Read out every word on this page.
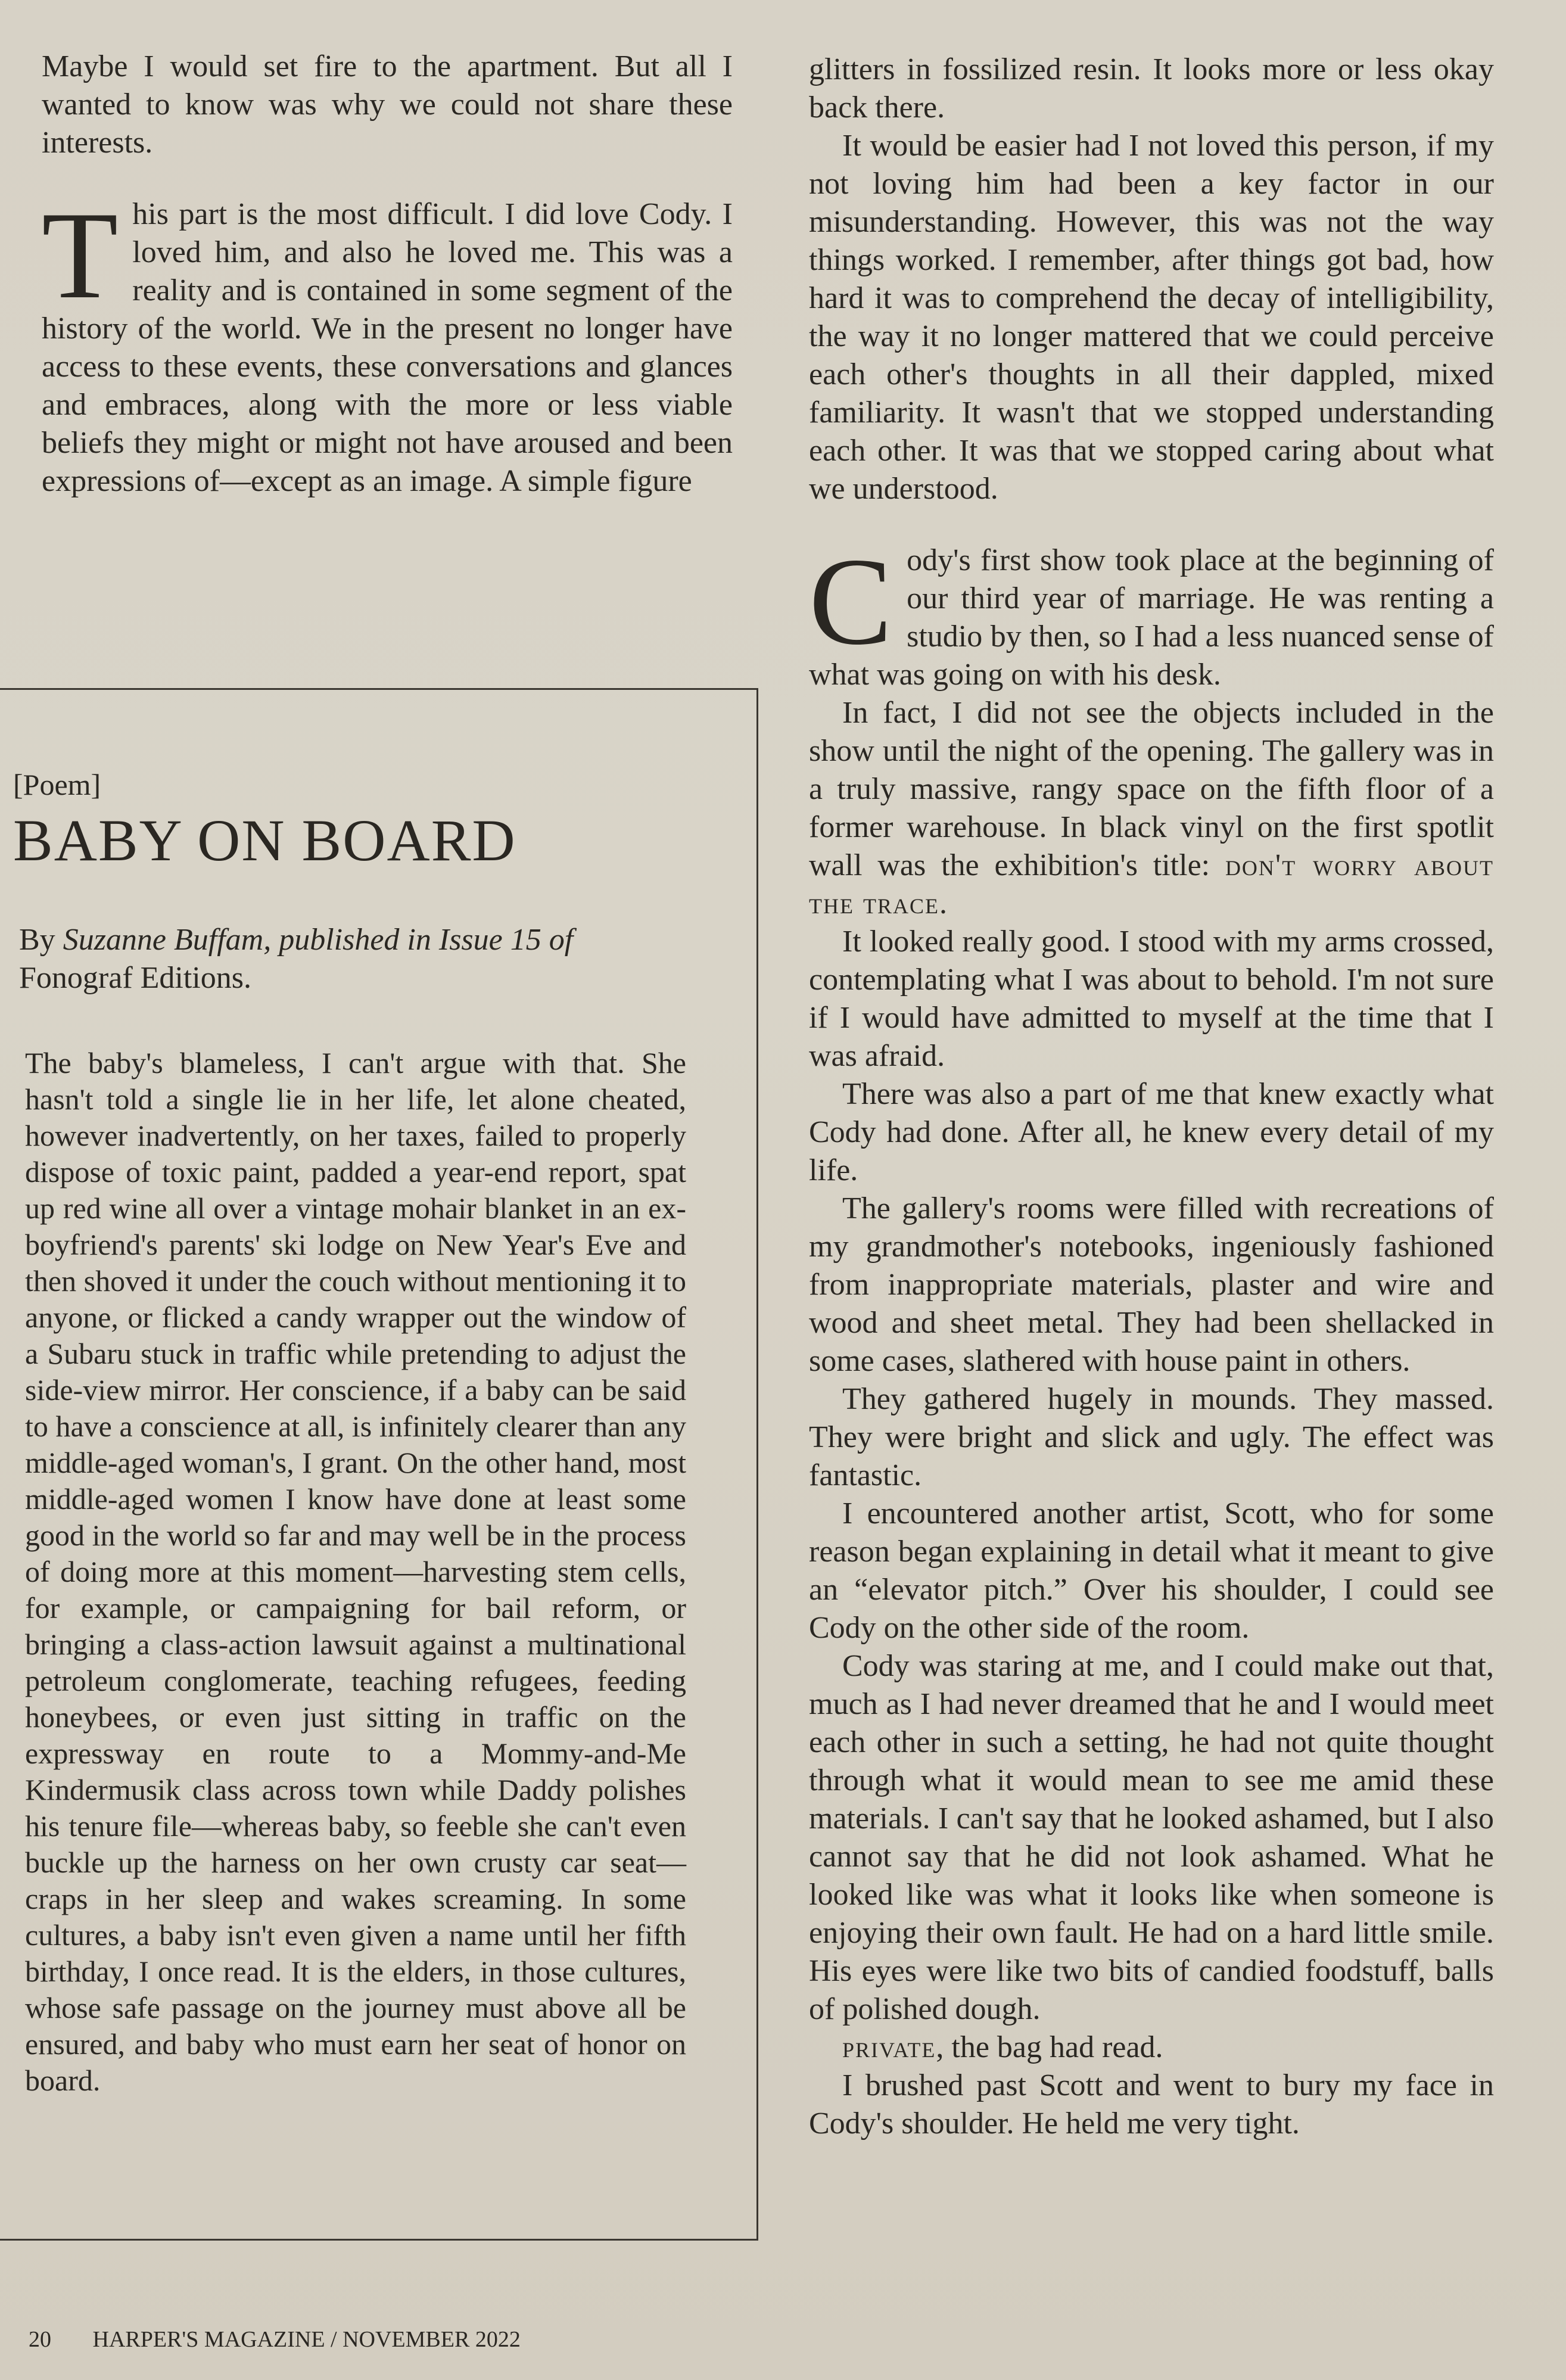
Maybe I would set fire to the apartment. But all I wanted to know was why we could not share these interests.

This part is the most difficult. I did love Cody. I loved him, and also he loved me. This was a reality and is contained in some segment of the history of the world. We in the present no longer have access to these events, these conversations and glances and embraces, along with the more or less viable beliefs they might or might not have aroused and been expressions of—except as an image. A simple figure

[Poem]
BABY ON BOARD
By Suzanne Buffam, published in Issue 15 of Fonograf Editions.
The baby's blameless, I can't argue with that. She hasn't told a single lie in her life, let alone cheated, however inadvertently, on her taxes, failed to properly dispose of toxic paint, padded a year-end report, spat up red wine all over a vintage mohair blanket in an ex-boyfriend's parents' ski lodge on New Year's Eve and then shoved it under the couch without mentioning it to anyone, or flicked a candy wrapper out the window of a Subaru stuck in traffic while pretending to adjust the side-view mirror. Her conscience, if a baby can be said to have a conscience at all, is infinitely clearer than any middle-aged woman's, I grant. On the other hand, most middle-aged women I know have done at least some good in the world so far and may well be in the process of doing more at this moment—harvesting stem cells, for example, or campaigning for bail reform, or bringing a class-action lawsuit against a multinational petroleum conglomerate, teaching refugees, feeding honeybees, or even just sitting in traffic on the expressway en route to a Mommy-and-Me Kindermusik class across town while Daddy polishes his tenure file—whereas baby, so feeble she can't even buckle up the harness on her own crusty car seat—craps in her sleep and wakes screaming. In some cultures, a baby isn't even given a name until her fifth birthday, I once read. It is the elders, in those cultures, whose safe passage on the journey must above all be ensured, and baby who must earn her seat of honor on board.

glitters in fossilized resin. It looks more or less okay back there.

It would be easier had I not loved this person, if my not loving him had been a key factor in our misunderstanding. However, this was not the way things worked. I remember, after things got bad, how hard it was to comprehend the decay of intelligibility, the way it no longer mattered that we could perceive each other's thoughts in all their dappled, mixed familiarity. It wasn't that we stopped understanding each other. It was that we stopped caring about what we understood.

Cody's first show took place at the beginning of our third year of marriage. He was renting a studio by then, so I had a less nuanced sense of what was going on with his desk.

In fact, I did not see the objects included in the show until the night of the opening. The gallery was in a truly massive, rangy space on the fifth floor of a former warehouse. In black vinyl on the first spotlit wall was the exhibition's title: don't worry about the trace.

It looked really good. I stood with my arms crossed, contemplating what I was about to behold. I'm not sure if I would have admitted to myself at the time that I was afraid.

There was also a part of me that knew exactly what Cody had done. After all, he knew every detail of my life.

The gallery's rooms were filled with recreations of my grandmother's notebooks, ingeniously fashioned from inappropriate materials, plaster and wire and wood and sheet metal. They had been shellacked in some cases, slathered with house paint in others.

They gathered hugely in mounds. They massed. They were bright and slick and ugly. The effect was fantastic.

I encountered another artist, Scott, who for some reason began explaining in detail what it meant to give an “elevator pitch.” Over his shoulder, I could see Cody on the other side of the room.

Cody was staring at me, and I could make out that, much as I had never dreamed that he and I would meet each other in such a setting, he had not quite thought through what it would mean to see me amid these materials. I can't say that he looked ashamed, but I also cannot say that he did not look ashamed. What he looked like was what it looks like when someone is enjoying their own fault. He had on a hard little smile. His eyes were like two bits of candied foodstuff, balls of polished dough.

private, the bag had read.

I brushed past Scott and went to bury my face in Cody's shoulder. He held me very tight.

20 HARPER'S MAGAZINE / NOVEMBER 2022
